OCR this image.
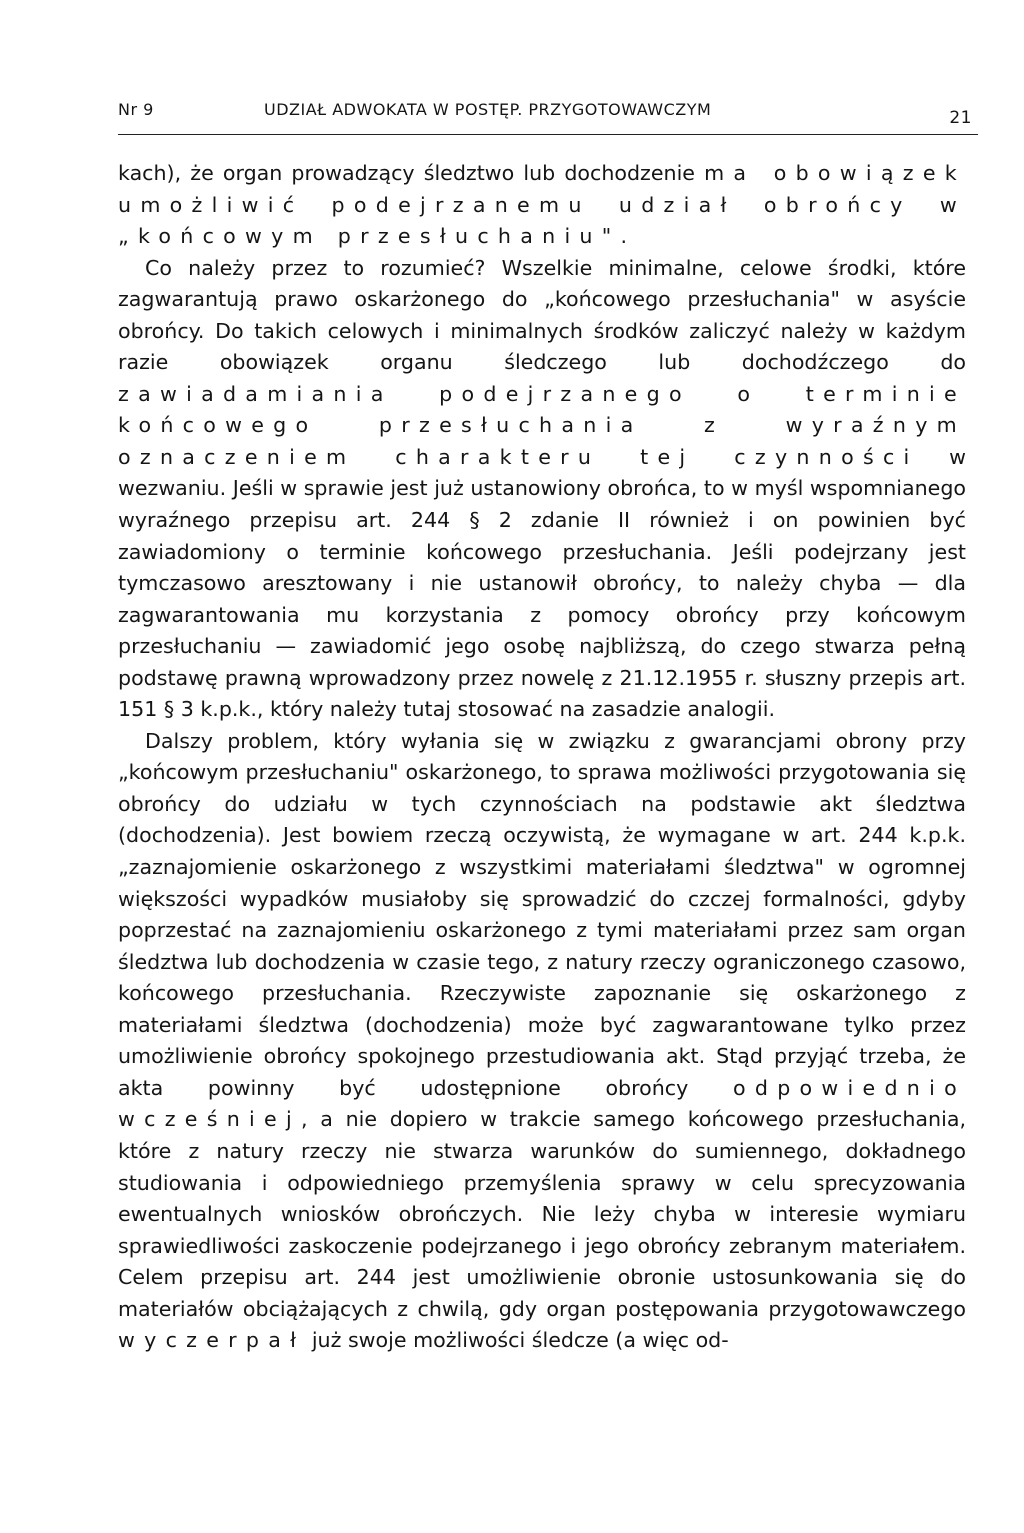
Nr 9	UDZIAŁ ADWOKATA W POSTĘP. PRZYGOTOWAWCZYM	21

kach), że organ prowadzący śledztwo lub dochodzenie ma obowiązek umożliwić podejrzanemu udział obrońcy w „końcowym przesłuchaniu".

Co należy przez to rozumieć? Wszelkie minimalne, celowe środki, które zagwarantują prawo oskarżonego do „końcowego przesłuchania" w asyście obrońcy. Do takich celowych i minimalnych środków zaliczyć należy w każdym razie obowiązek organu śledczego lub dochodźczego do zawiadamiania podejrzanego o terminie końcowego przesłuchania z wyraźnym oznaczeniem charakteru tej czynności w wezwaniu. Jeśli w sprawie jest już ustanowiony obrońca, to w myśl wspomnianego wyraźnego przepisu art. 244 § 2 zdanie II również i on powinien być zawiadomiony o terminie końcowego przesłuchania. Jeśli podejrzany jest tymczasowo aresztowany i nie ustanowił obrońcy, to należy chyba — dla zagwarantowania mu korzystania z pomocy obrońcy przy końcowym przesłuchaniu — zawiadomić jego osobę najbliższą, do czego stwarza pełną podstawę prawną wprowadzony przez nowelę z 21.12.1955 r. słuszny przepis art. 151 § 3 k.p.k., który należy tutaj stosować na zasadzie analogii.

Dalszy problem, który wyłania się w związku z gwarancjami obrony przy „końcowym przesłuchaniu" oskarżonego, to sprawa możliwości przygotowania się obrońcy do udziału w tych czynnościach na podstawie akt śledztwa (dochodzenia). Jest bowiem rzeczą oczywistą, że wymagane w art. 244 k.p.k. „zaznajomienie oskarżonego z wszystkimi materiałami śledztwa" w ogromnej większości wypadków musiałoby się sprowadzić do czczej formalności, gdyby poprzestać na zaznajomieniu oskarżonego z tymi materiałami przez sam organ śledztwa lub dochodzenia w czasie tego, z natury rzeczy ograniczonego czasowo, końcowego przesłuchania. Rzeczywiste zapoznanie się oskarżonego z materiałami śledztwa (dochodzenia) może być zagwarantowane tylko przez umożliwienie obrońcy spokojnego przestudiowania akt. Stąd przyjąć trzeba, że akta powinny być udostępnione obrońcy odpowiednio wcześniej, a nie dopiero w trakcie samego końcowego przesłuchania, które z natury rzeczy nie stwarza warunków do sumiennego, dokładnego studiowania i odpowiedniego przemyślenia sprawy w celu sprecyzowania ewentualnych wniosków obrończych. Nie leży chyba w interesie wymiaru sprawiedliwości zaskoczenie podejrzanego i jego obrońcy zebranym materiałem. Celem przepisu art. 244 jest umożliwienie obronie ustosunkowania się do materiałów obciążających z chwilą, gdy organ postępowania przygotowawczego wyczerpał już swoje możliwości śledcze (a więc od-
